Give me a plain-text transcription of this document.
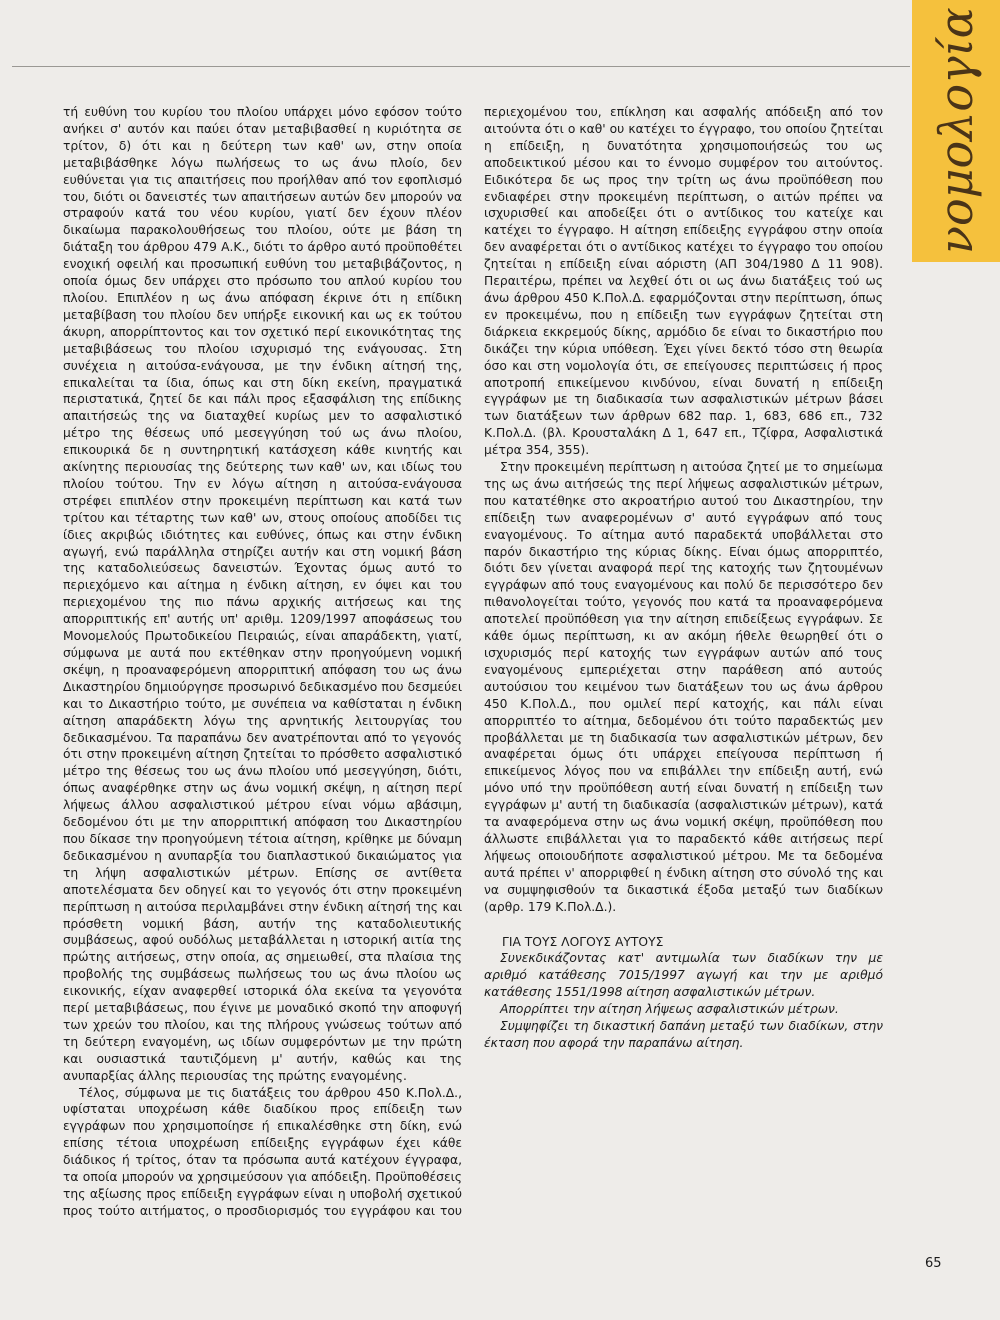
νομολογία

τή ευθύνη του κυρίου του πλοίου υπάρχει μόνο εφόσον τούτο ανήκει σ' αυτόν και παύει όταν μεταβιβασθεί η κυριότητα σε τρίτον, δ) ότι και η δεύτερη των καθ' ων, στην οποία μεταβιβάσθηκε λόγω πωλήσεως το ως άνω πλοίο, δεν ευθύνεται για τις απαιτήσεις που προήλθαν από τον εφοπλισμό του, διότι οι δανειστές των απαιτήσεων αυτών δεν μπορούν να στραφούν κατά του νέου κυρίου, γιατί δεν έχουν πλέον δικαίωμα παρακολουθήσεως του πλοίου, ούτε με βάση τη διάταξη του άρθρου 479 Α.Κ., διότι το άρθρο αυτό προϋποθέτει ενοχική οφειλή και προσωπική ευθύνη του μεταβιβάζοντος, η οποία όμως δεν υπάρχει στο πρόσωπο του απλού κυρίου του πλοίου. Επιπλέον η ως άνω απόφαση έκρινε ότι η επίδικη μεταβίβαση του πλοίου δεν υπήρξε εικονική και ως εκ τούτου άκυρη, απορρίπτοντος και τον σχετικό περί εικονικότητας της μεταβιβάσεως του πλοίου ισχυρισμό της ενάγουσας. Στη συνέχεια η αιτούσα-ενάγουσα, με την ένδικη αίτησή της, επικαλείται τα ίδια, όπως και στη δίκη εκείνη, πραγματικά περιστατικά, ζητεί δε και πάλι προς εξασφάλιση της επίδικης απαιτήσεώς της να διαταχθεί κυρίως μεν το ασφαλιστικό μέτρο της θέσεως υπό μεσεγγύηση τού ως άνω πλοίου, επικουρικά δε η συντηρητική κατάσχεση κάθε κινητής και ακίνητης περιουσίας της δεύτερης των καθ' ων, και ιδίως του πλοίου τούτου. Την εν λόγω αίτηση η αιτούσα-ενάγουσα στρέφει επιπλέον στην προκειμένη περίπτωση και κατά των τρίτου και τέταρτης των καθ' ων, στους οποίους αποδίδει τις ίδιες ακριβώς ιδιότητες και ευθύνες, όπως και στην ένδικη αγωγή, ενώ παράλληλα στηρίζει αυτήν και στη νομική βάση της καταδολιεύσεως δανειστών. Έχοντας όμως αυτό το περιεχόμενο και αίτημα η ένδικη αίτηση, εν όψει και του περιεχομένου της πιο πάνω αρχικής αιτήσεως και της απορριπτικής επ' αυτής υπ' αριθμ. 1209/1997 αποφάσεως του Μονομελούς Πρωτοδικείου Πειραιώς, είναι απαράδεκτη, γιατί, σύμφωνα με αυτά που εκτέθηκαν στην προηγούμενη νομική σκέψη, η προαναφερόμενη απορριπτική απόφαση του ως άνω Δικαστηρίου δημιούργησε προσωρινό δεδικασμένο που δεσμεύει και το Δικαστήριο τούτο, με συνέπεια να καθίσταται η ένδικη αίτηση απαράδεκτη λόγω της αρνητικής λειτουργίας του δεδικασμένου. Τα παραπάνω δεν ανατρέπονται από το γεγονός ότι στην προκειμένη αίτηση ζητείται το πρόσθετο ασφαλιστικό μέτρο της θέσεως του ως άνω πλοίου υπό μεσεγγύηση, διότι, όπως αναφέρθηκε στην ως άνω νομική σκέψη, η αίτηση περί λήψεως άλλου ασφαλιστικού μέτρου είναι νόμω αβάσιμη, δεδομένου ότι με την απορριπτική απόφαση του Δικαστηρίου που δίκασε την προηγούμενη τέτοια αίτηση, κρίθηκε με δύναμη δεδικασμένου η ανυπαρξία του διαπλαστικού δικαιώματος για τη λήψη ασφαλιστικών μέτρων. Επίσης σε αντίθετα αποτελέσματα δεν οδηγεί και το γεγονός ότι στην προκειμένη περίπτωση η αιτούσα περιλαμβάνει στην ένδικη αίτησή της και πρόσθετη νομική βάση, αυτήν της καταδολιευτικής συμβάσεως, αφού ουδόλως μεταβάλλεται η ιστορική αιτία της πρώτης αιτήσεως, στην οποία, ας σημειωθεί, στα πλαίσια της προβολής της συμβάσεως πωλήσεως του ως άνω πλοίου ως εικονικής, είχαν αναφερθεί ιστορικά όλα εκείνα τα γεγονότα περί μεταβιβάσεως, που έγινε με μοναδικό σκοπό την αποφυγή των χρεών του πλοίου, και της πλήρους γνώσεως τούτων από τη δεύτερη εναγομένη, ως ιδίων συμφερόντων με την πρώτη και ουσιαστικά ταυτιζόμενη μ' αυτήν, καθώς και της ανυπαρξίας άλλης περιουσίας της πρώτης εναγομένης.

Τέλος, σύμφωνα με τις διατάξεις του άρθρου 450 Κ.Πολ.Δ., υφίσταται υποχρέωση κάθε διαδίκου προς επίδειξη των εγγράφων που χρησιμοποίησε ή επικαλέσθηκε στη δίκη, ενώ επίσης τέτοια υποχρέωση επίδειξης εγγράφων έχει κάθε διάδικος ή τρίτος, όταν τα πρόσωπα αυτά κατέχουν έγγραφα, τα οποία μπορούν να χρησιμεύσουν για απόδειξη. Προϋποθέσεις της αξίωσης προς επίδειξη εγγράφων είναι η υποβολή σχετικού προς τούτο αιτήματος, ο προσδιορισμός του εγγράφου και του περιεχομένου του, επίκληση και ασφαλής απόδειξη από τον αιτούντα ότι ο καθ' ου κατέχει το έγγραφο, του οποίου ζητείται η επίδειξη, η δυνατότητα χρησιμοποιήσεώς του ως αποδεικτικού μέσου και το έννομο συμφέρον του αιτούντος. Ειδικότερα δε ως προς την τρίτη ως άνω προϋπόθεση που ενδιαφέρει στην προκειμένη περίπτωση, ο αιτών πρέπει να ισχυρισθεί και αποδείξει ότι ο αντίδικος του κατείχε και κατέχει το έγγραφο. Η αίτηση επίδειξης εγγράφου στην οποία δεν αναφέρεται ότι ο αντίδικος κατέχει το έγγραφο του οποίου ζητείται η επίδειξη είναι αόριστη (ΑΠ 304/1980 Δ 11 908). Περαιτέρω, πρέπει να λεχθεί ότι οι ως άνω διατάξεις τού ως άνω άρθρου 450 Κ.Πολ.Δ. εφαρμόζονται στην περίπτωση, όπως εν προκειμένω, που η επίδειξη των εγγράφων ζητείται στη διάρκεια εκκρεμούς δίκης, αρμόδιο δε είναι το δικαστήριο που δικάζει την κύρια υπόθεση. Έχει γίνει δεκτό τόσο στη θεωρία όσο και στη νομολογία ότι, σε επείγουσες περιπτώσεις ή προς αποτροπή επικείμενου κινδύνου, είναι δυνατή η επίδειξη εγγράφων με τη διαδικασία των ασφαλιστικών μέτρων βάσει των διατάξεων των άρθρων 682 παρ. 1, 683, 686 επ., 732 Κ.Πολ.Δ. (βλ. Κρουσταλάκη Δ 1, 647 επ., Τζίφρα, Ασφαλιστικά μέτρα 354, 355).

Στην προκειμένη περίπτωση η αιτούσα ζητεί με το σημείωμα της ως άνω αιτήσεώς της περί λήψεως ασφαλιστικών μέτρων, που κατατέθηκε στο ακροατήριο αυτού του Δικαστηρίου, την επίδειξη των αναφερομένων σ' αυτό εγγράφων από τους εναγομένους. Το αίτημα αυτό παραδεκτά υποβάλλεται στο παρόν δικαστήριο της κύριας δίκης. Είναι όμως απορριπτέο, διότι δεν γίνεται αναφορά περί της κατοχής των ζητουμένων εγγράφων από τους εναγομένους και πολύ δε περισσότερο δεν πιθανολογείται τούτο, γεγονός που κατά τα προαναφερόμενα αποτελεί προϋπόθεση για την αίτηση επιδείξεως εγγράφων. Σε κάθε όμως περίπτωση, κι αν ακόμη ήθελε θεωρηθεί ότι ο ισχυρισμός περί κατοχής των εγγράφων αυτών από τους εναγομένους εμπεριέχεται στην παράθεση από αυτούς αυτούσιου του κειμένου των διατάξεων του ως άνω άρθρου 450 Κ.Πολ.Δ., που ομιλεί περί κατοχής, και πάλι είναι απορριπτέο το αίτημα, δεδομένου ότι τούτο παραδεκτώς μεν προβάλλεται με τη διαδικασία των ασφαλιστικών μέτρων, δεν αναφέρεται όμως ότι υπάρχει επείγουσα περίπτωση ή επικείμενος λόγος που να επιβάλλει την επίδειξη αυτή, ενώ μόνο υπό την προϋπόθεση αυτή είναι δυνατή η επίδειξη των εγγράφων μ' αυτή τη διαδικασία (ασφαλιστικών μέτρων), κατά τα αναφερόμενα στην ως άνω νομική σκέψη, προϋπόθεση που άλλωστε επιβάλλεται για το παραδεκτό κάθε αιτήσεως περί λήψεως οποιουδήποτε ασφαλιστικού μέτρου. Με τα δεδομένα αυτά πρέπει ν' απορριφθεί η ένδικη αίτηση στο σύνολό της και να συμψηφισθούν τα δικαστικά έξοδα μεταξύ των διαδίκων (αρθρ. 179 Κ.Πολ.Δ.).

ΓΙΑ ΤΟΥΣ ΛΟΓΟΥΣ ΑΥΤΟΥΣ

Συνεκδικάζοντας κατ' αντιμωλία των διαδίκων την με αριθμό κατάθεσης 7015/1997 αγωγή και την με αριθμό κατάθεσης 1551/1998 αίτηση ασφαλιστικών μέτρων.

Απορρίπτει την αίτηση λήψεως ασφαλιστικών μέτρων.

Συμψηφίζει τη δικαστική δαπάνη μεταξύ των διαδίκων, στην έκταση που αφορά την παραπάνω αίτηση.

65
